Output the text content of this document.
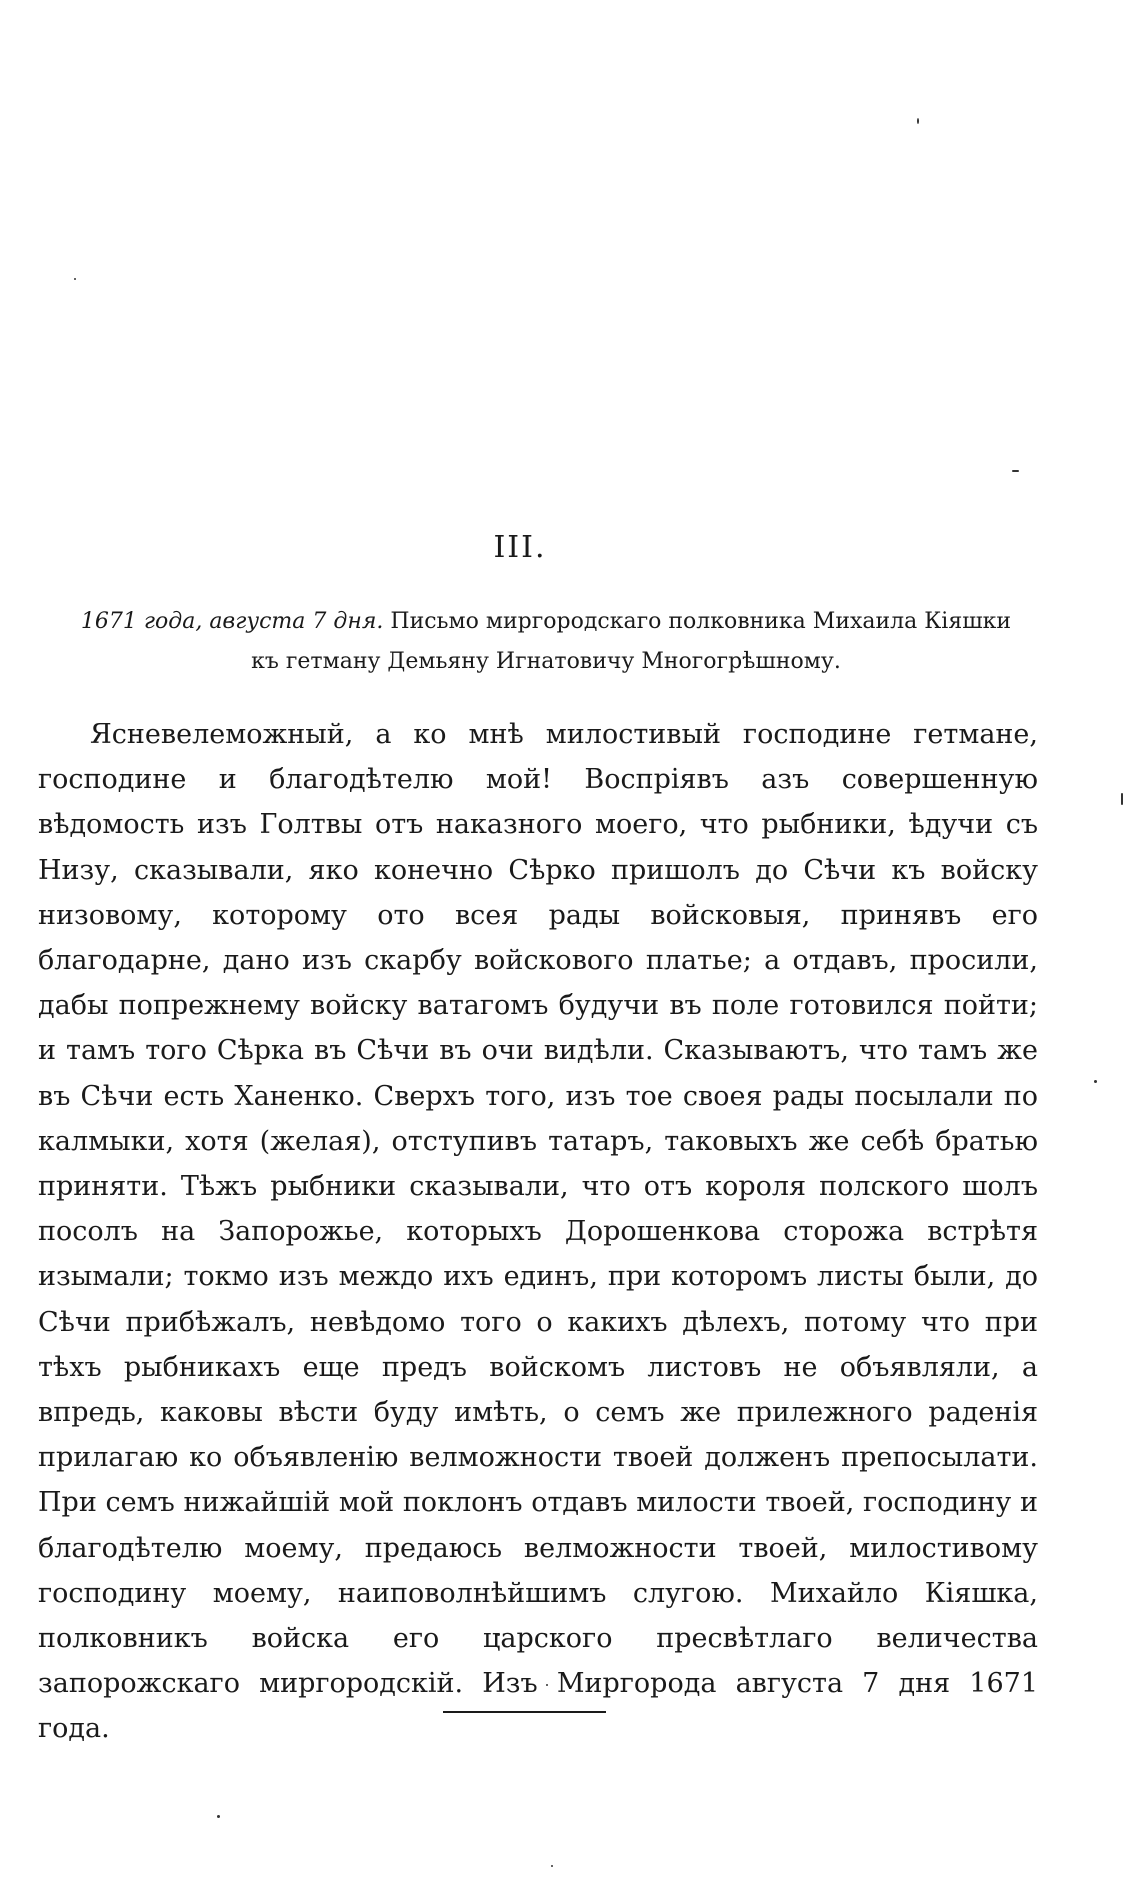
III.
1671 года, августа 7 дня. Письмо миргородскаго полковника Михаила Кіяшки
къ гетману Демьяну Игнатовичу Многогрѣшному.

Ясневелеможный, а ко мнѣ милостивый господине гетмане, господине и благодѣтелю мой! Воспріявъ азъ совершенную вѣдомость изъ Голтвы отъ наказного моего, что рыбники, ѣдучи съ Низу, сказывали, яко конечно Сѣрко пришолъ до Сѣчи къ войску низовому, которому ото всея рады войсковыя, принявъ его благодарне, дано изъ скарбу войскового платье; а отдавъ, просили, дабы попрежнему войску ватагомъ будучи въ поле готовился пойти; и тамъ того Сѣрка въ Сѣчи въ очи видѣли. Сказываютъ, что тамъ же въ Сѣчи есть Ханенко. Сверхъ того, изъ тое своея рады посылали по калмыки, хотя (желая), отступивъ татаръ, таковыхъ же себѣ братью приняти. Тѣжъ рыбники сказывали, что отъ короля полского шолъ посолъ на Запорожье, которыхъ Дорошенкова сторожа встрѣтя изымали; токмо изъ междо ихъ единъ, при которомъ листы были, до Сѣчи прибѣжалъ, невѣдомо того о какихъ дѣлехъ, потому что при тѣхъ рыбникахъ еще предъ войскомъ листовъ не объявляли, а впредь, каковы вѣсти буду имѣть, о семъ же прилежного раденія прилагаю ко объявленію велможности твоей долженъ препосылати. При семъ нижайшій мой поклонъ отдавъ милости твоей, господину и благодѣтелю моему, предаюсь велможности твоей, милостивому господину моему, наиповолнѣйшимъ слугою. Михайло Кіяшка, полковникъ войска его царского пресвѣтлаго величества запорожскаго миргородскій. Изъ Миргорода августа 7 дня 1671 года.
